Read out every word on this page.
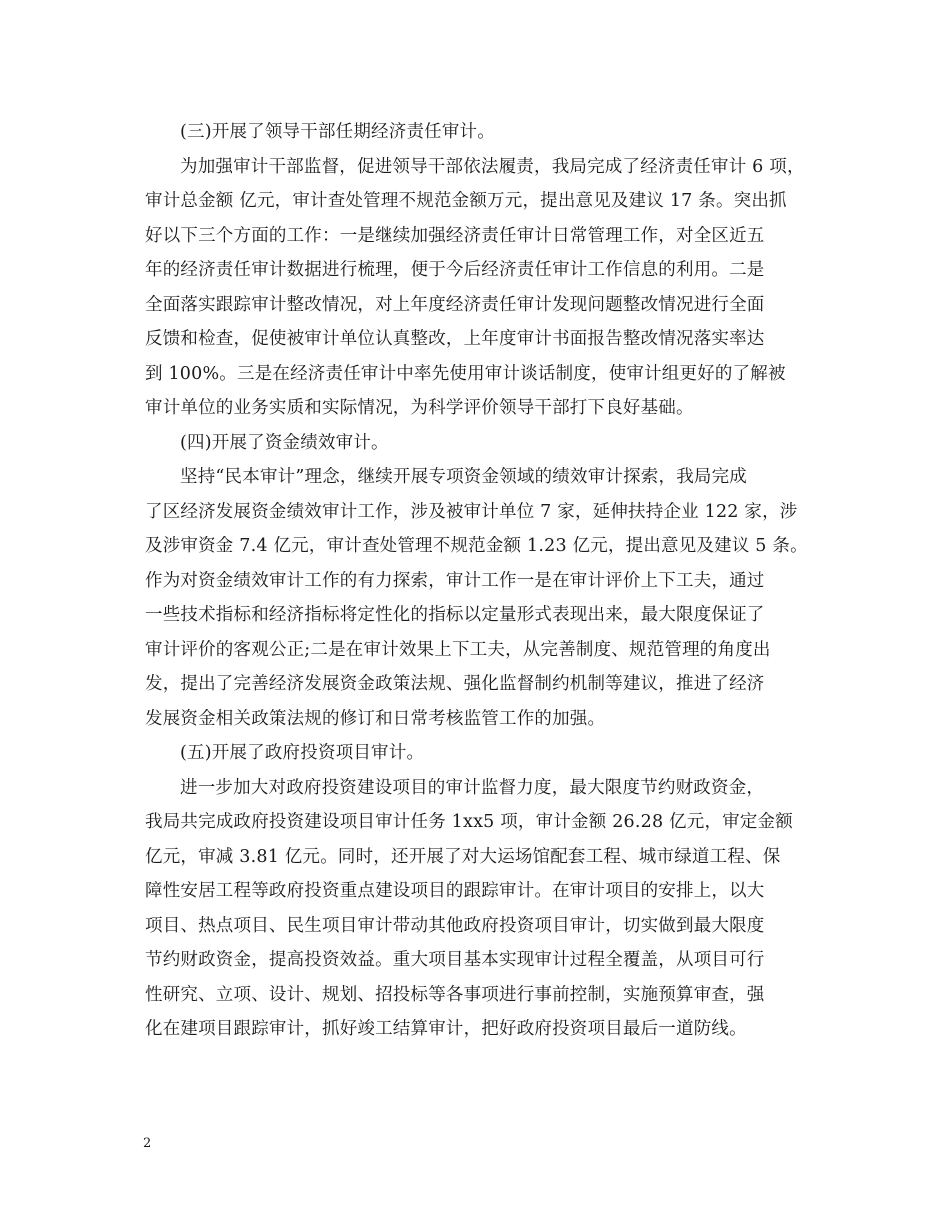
(三)开展了领导干部任期经济责任审计。
为加强审计干部监督，促进领导干部依法履责，我局完成了经济责任审计 6 项，
审计总金额 亿元，审计查处管理不规范金额万元，提出意见及建议 17 条。突出抓
好以下三个方面的工作：一是继续加强经济责任审计日常管理工作，对全区近五
年的经济责任审计数据进行梳理，便于今后经济责任审计工作信息的利用。二是
全面落实跟踪审计整改情况，对上年度经济责任审计发现问题整改情况进行全面
反馈和检查，促使被审计单位认真整改，上年度审计书面报告整改情况落实率达
到 100%。三是在经济责任审计中率先使用审计谈话制度，使审计组更好的了解被
审计单位的业务实质和实际情况，为科学评价领导干部打下良好基础。
(四)开展了资金绩效审计。
坚持“民本审计”理念，继续开展专项资金领域的绩效审计探索，我局完成
了区经济发展资金绩效审计工作，涉及被审计单位 7 家，延伸扶持企业 122 家，涉
及涉审资金 7.4 亿元，审计查处管理不规范金额 1.23 亿元，提出意见及建议 5 条。
作为对资金绩效审计工作的有力探索，审计工作一是在审计评价上下工夫，通过
一些技术指标和经济指标将定性化的指标以定量形式表现出来，最大限度保证了
审计评价的客观公正;二是在审计效果上下工夫，从完善制度、规范管理的角度出
发，提出了完善经济发展资金政策法规、强化监督制约机制等建议，推进了经济
发展资金相关政策法规的修订和日常考核监管工作的加强。
(五)开展了政府投资项目审计。
进一步加大对政府投资建设项目的审计监督力度，最大限度节约财政资金，
我局共完成政府投资建设项目审计任务 1xx5 项，审计金额 26.28 亿元，审定金额
亿元，审减 3.81 亿元。同时，还开展了对大运场馆配套工程、城市绿道工程、保
障性安居工程等政府投资重点建设项目的跟踪审计。在审计项目的安排上，以大
项目、热点项目、民生项目审计带动其他政府投资项目审计，切实做到最大限度
节约财政资金，提高投资效益。重大项目基本实现审计过程全覆盖，从项目可行
性研究、立项、设计、规划、招投标等各事项进行事前控制，实施预算审查，强
化在建项目跟踪审计，抓好竣工结算审计，把好政府投资项目最后一道防线。
2
